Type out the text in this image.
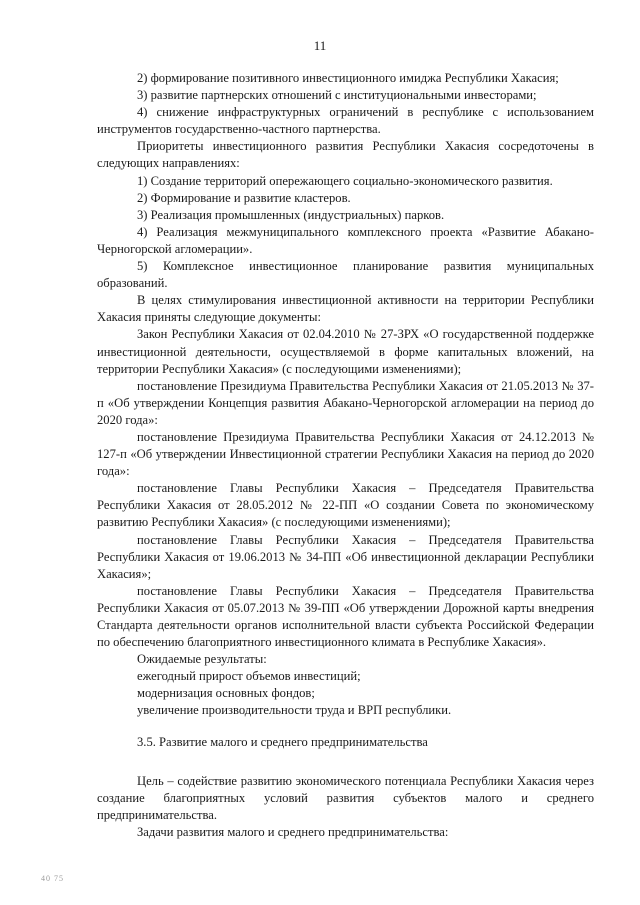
11

2) формирование позитивного инвестиционного имиджа Республики Хакасия;

3) развитие партнерских отношений с институциональными инвесторами;

4) снижение инфраструктурных ограничений в республике с использованием инструментов государственно-частного партнерства.

Приоритеты инвестиционного развития Республики Хакасия сосредоточены в следующих направлениях:

1) Создание территорий опережающего социально-экономического развития.

2) Формирование и развитие кластеров.

3) Реализация промышленных (индустриальных) парков.

4) Реализация межмуниципального комплексного проекта «Развитие Абакано-Черногорской агломерации».

5) Комплексное инвестиционное планирование развития муниципальных образований.

В целях стимулирования инвестиционной активности на территории Республики Хакасия приняты следующие документы:

Закон Республики Хакасия от 02.04.2010 № 27-ЗРХ «О государственной поддержке инвестиционной деятельности, осуществляемой в форме капитальных вложений, на территории Республики Хакасия» (с последующими изменениями);

постановление Президиума Правительства Республики Хакасия от 21.05.2013 № 37-п «Об утверждении Концепция развития Абакано-Черногорской агломерации на период до 2020 года»:

постановление Президиума Правительства Республики Хакасия от 24.12.2013 № 127-п «Об утверждении Инвестиционной стратегии Республики Хакасия на период до 2020 года»:

постановление Главы Республики Хакасия – Председателя Правительства Республики Хакасия от 28.05.2012 № 22-ПП «О создании Совета по экономическому развитию Республики Хакасия» (с последующими изменениями);

постановление Главы Республики Хакасия – Председателя Правительства Республики Хакасия от 19.06.2013 № 34-ПП «Об инвестиционной декларации Республики Хакасия»;

постановление Главы Республики Хакасия – Председателя Правительства Республики Хакасия от 05.07.2013 № 39-ПП «Об утверждении Дорожной карты внедрения Стандарта деятельности органов исполнительной власти субъекта Российской Федерации по обеспечению благоприятного инвестиционного климата в Республике Хакасия».

Ожидаемые результаты:

ежегодный прирост объемов инвестиций;

модернизация основных фондов;

увеличение производительности труда и ВРП республики.

3.5. Развитие малого и среднего предпринимательства

Цель – содействие развитию экономического потенциала Республики Хакасия через создание благоприятных условий развития субъектов малого и среднего предпринимательства.

Задачи развития малого и среднего предпринимательства:

40 75
